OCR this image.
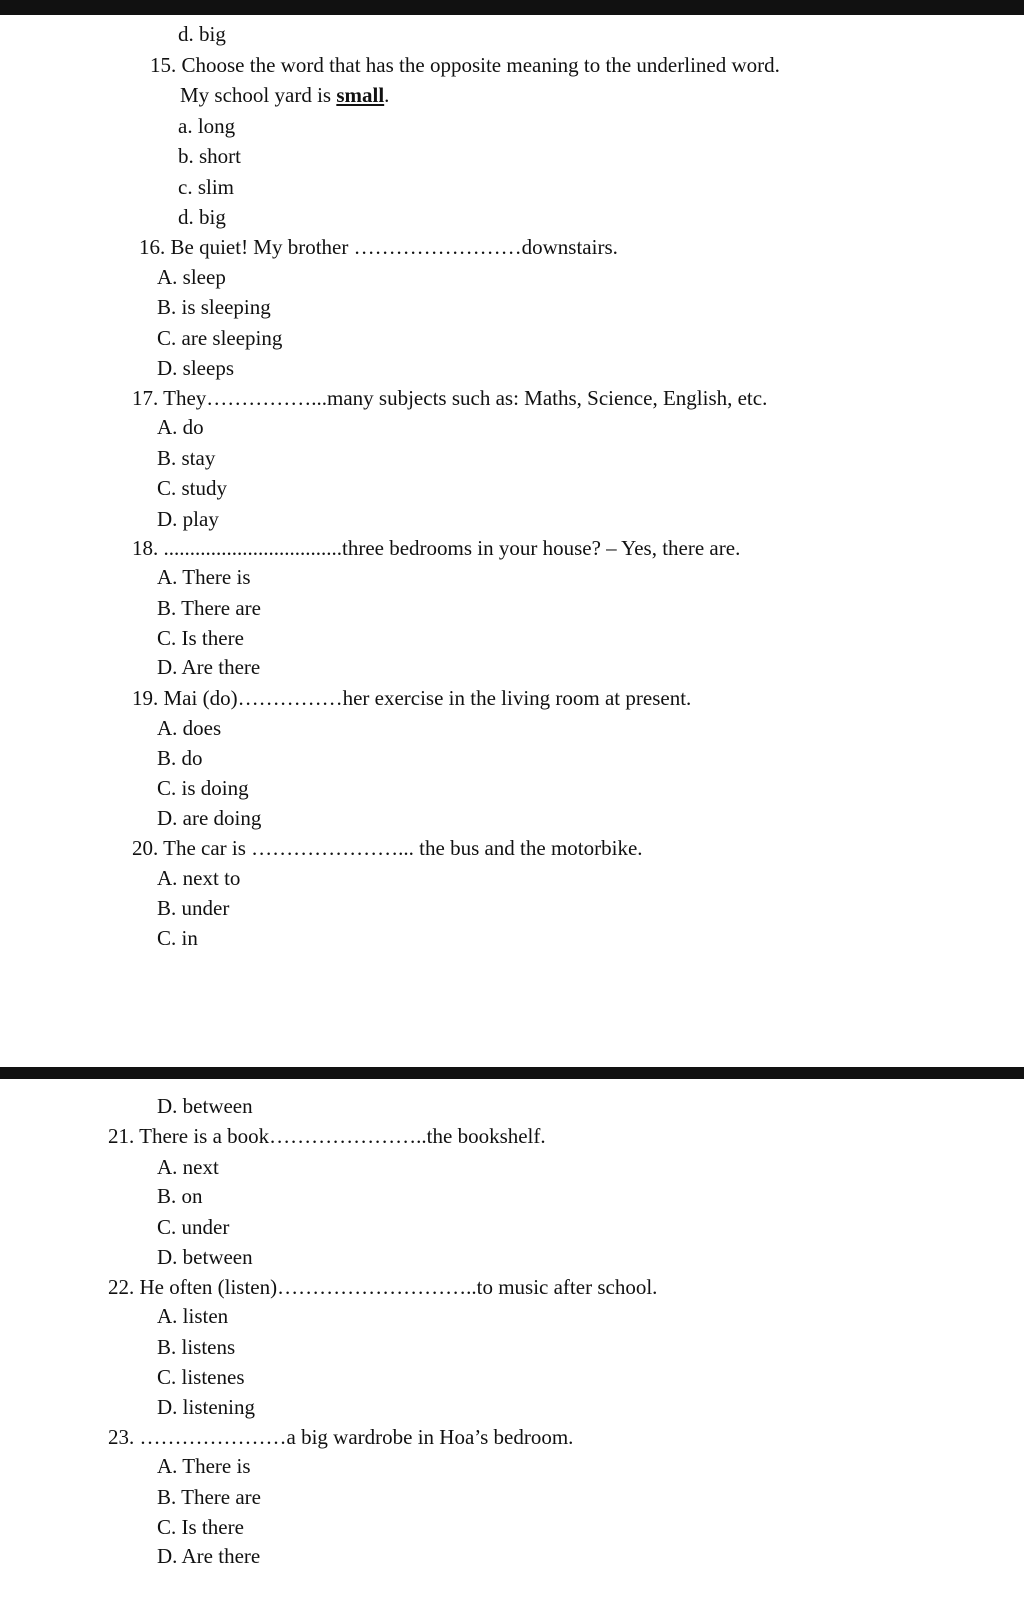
d. big
15. Choose the word that has the opposite meaning to the underlined word.
My school yard is small.
a. long
b. short
c. slim
d. big
16. Be quiet! My brother ……………………downstairs.
A. sleep
B. is sleeping
C. are sleeping
D. sleeps
17. They……………...many subjects such as: Maths, Science, English, etc.
A. do
B. stay
C. study
D. play
18. ..................................three bedrooms in your house? – Yes, there are.
A. There is
B. There are
C. Is there
D. Are there
19. Mai (do)……………her exercise in the living room at present.
A. does
B. do
C. is doing
D. are doing
20. The car is …………………... the bus and the motorbike.
A. next to
B. under
C. in
D. between
21. There is a book…………………..the bookshelf.
A. next
B. on
C. under
D. between
22. He often (listen)………………………..to music after school.
A. listen
B. listens
C. listenes
D. listening
23. …………………a big wardrobe in Hoa’s bedroom.
A. There is
B. There are
C. Is there
D. Are there
